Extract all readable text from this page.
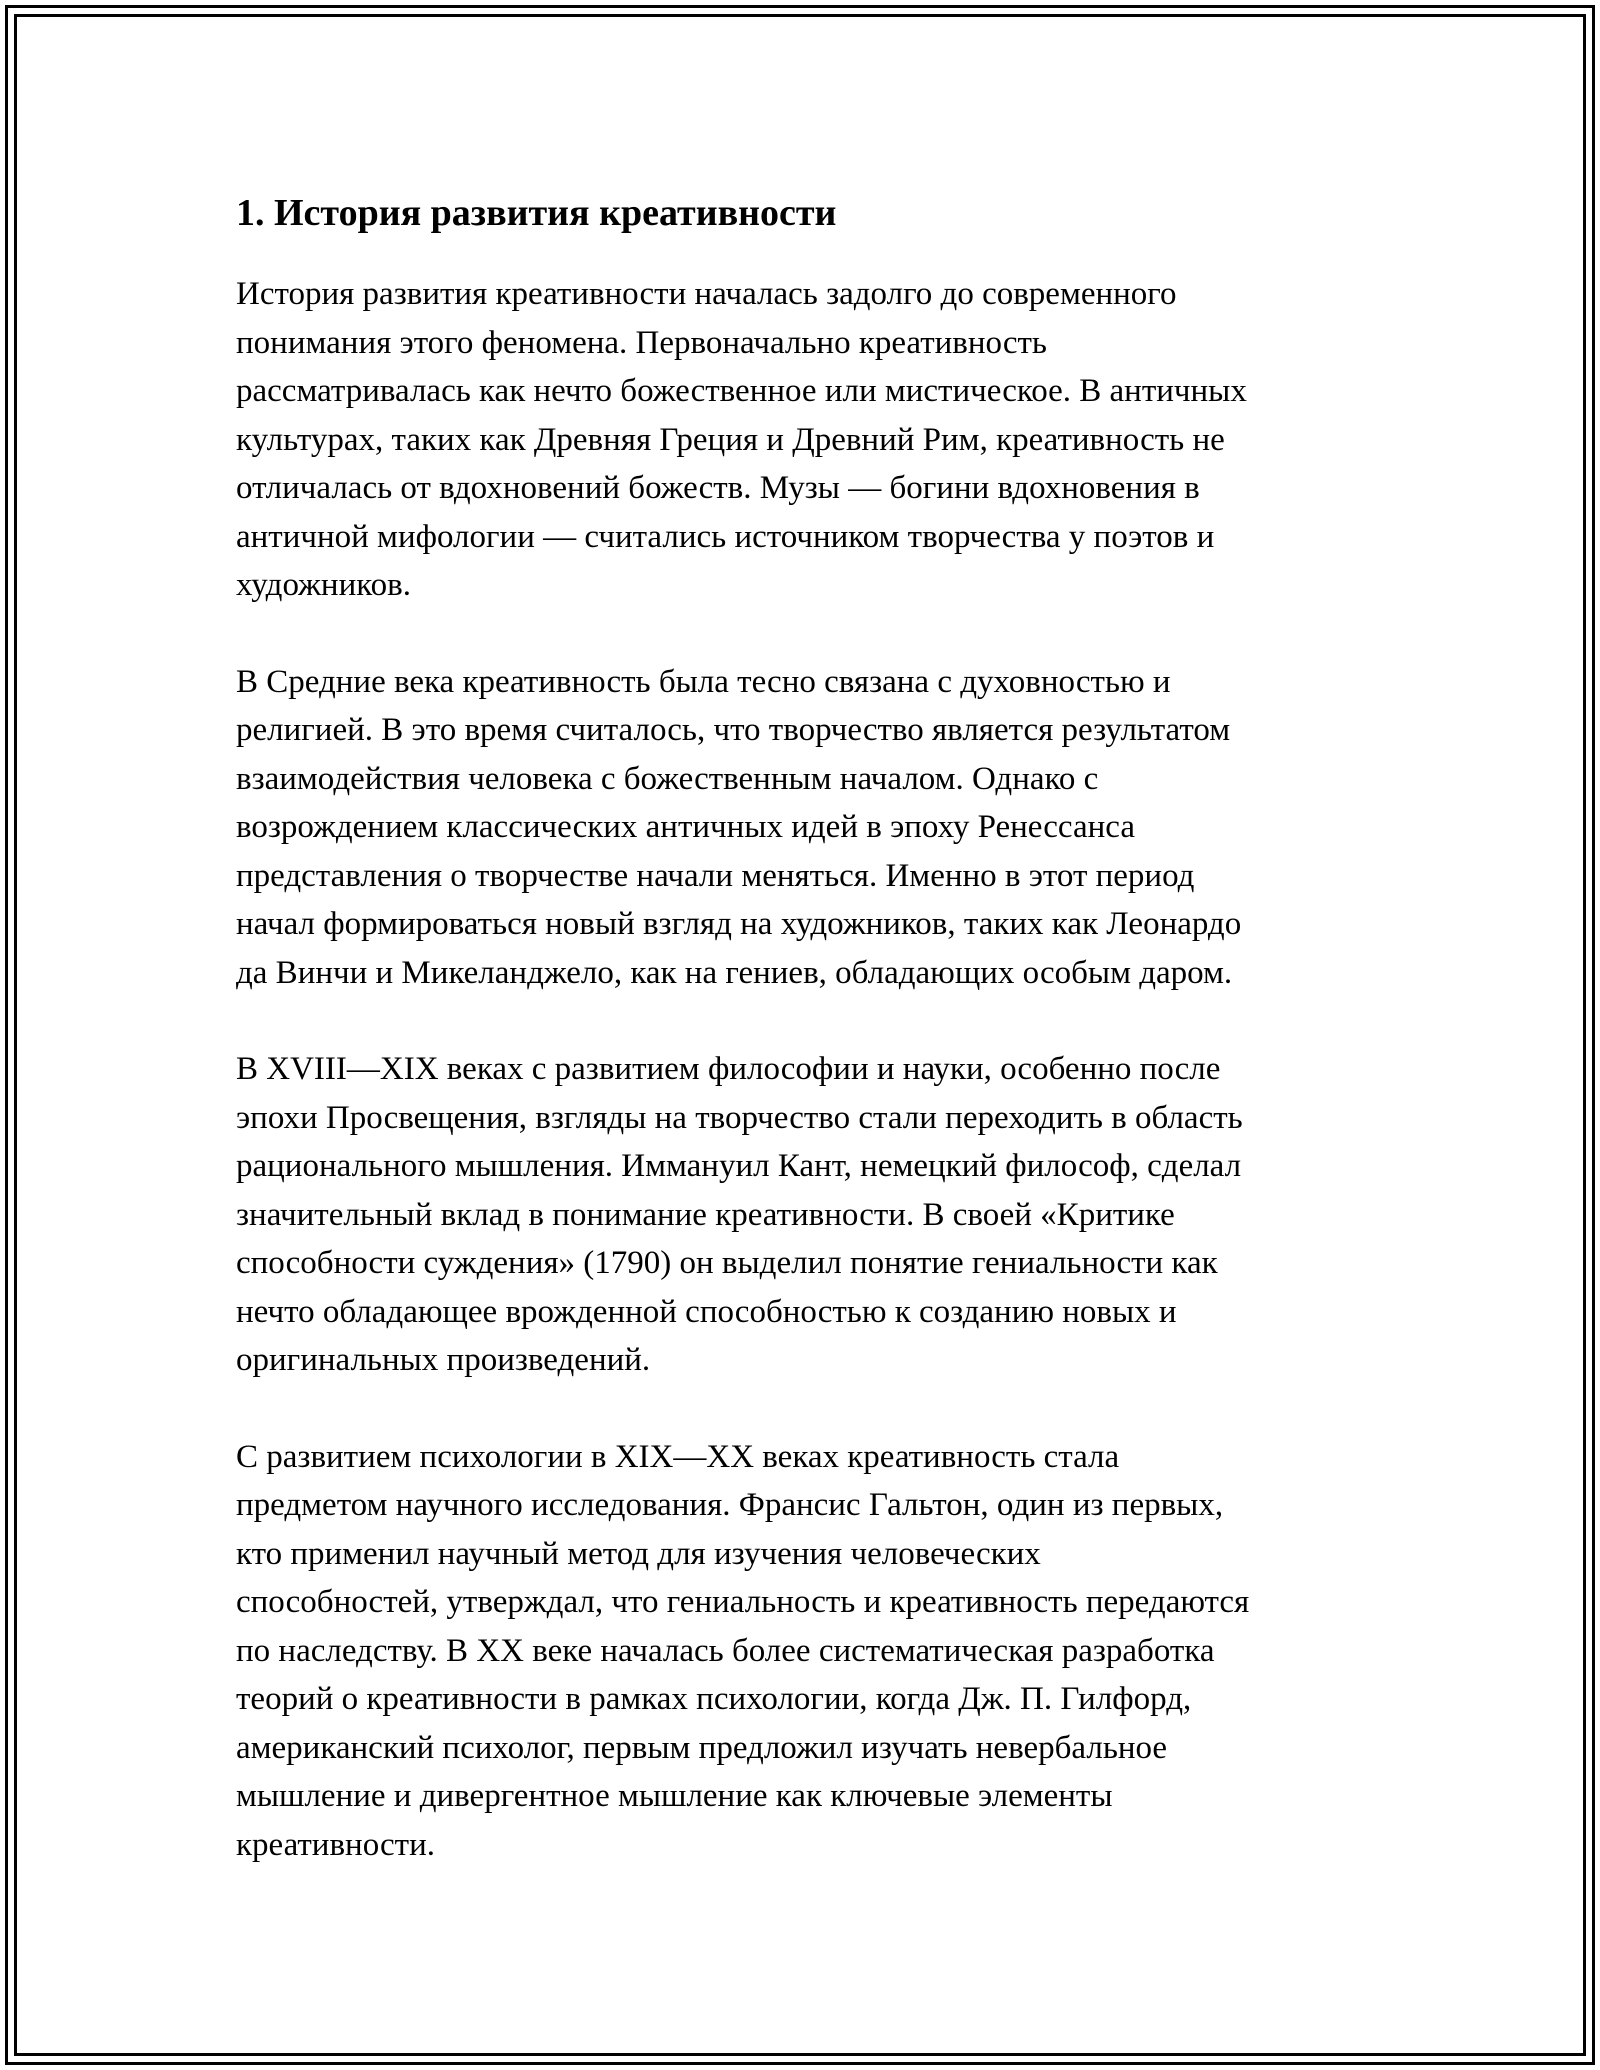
1. История развития креативности

История развития креативности началась задолго до современного
понимания этого феномена. Первоначально креативность
рассматривалась как нечто божественное или мистическое. В античных
культурах, таких как Древняя Греция и Древний Рим, креативность не
отличалась от вдохновений божеств. Музы — богини вдохновения в
античной мифологии — считались источником творчества у поэтов и
художников.

В Средние века креативность была тесно связана с духовностью и
религией. В это время считалось, что творчество является результатом
взаимодействия человека с божественным началом. Однако с
возрождением классических античных идей в эпоху Ренессанса
представления о творчестве начали меняться. Именно в этот период
начал формироваться новый взгляд на художников, таких как Леонардо
да Винчи и Микеланджело, как на гениев, обладающих особым даром.

В XVIII—XIX веках с развитием философии и науки, особенно после
эпохи Просвещения, взгляды на творчество стали переходить в область
рационального мышления. Иммануил Кант, немецкий философ, сделал
значительный вклад в понимание креативности. В своей «Критике
способности суждения» (1790) он выделил понятие гениальности как
нечто обладающее врожденной способностью к созданию новых и
оригинальных произведений.

С развитием психологии в XIX—XX веках креативность стала
предметом научного исследования. Франсис Гальтон, один из первых,
кто применил научный метод для изучения человеческих
способностей, утверждал, что гениальность и креативность передаются
по наследству. В XX веке началась более систематическая разработка
теорий о креативности в рамках психологии, когда Дж. П. Гилфорд,
американский психолог, первым предложил изучать невербальное
мышление и дивергентное мышление как ключевые элементы
креативности.
